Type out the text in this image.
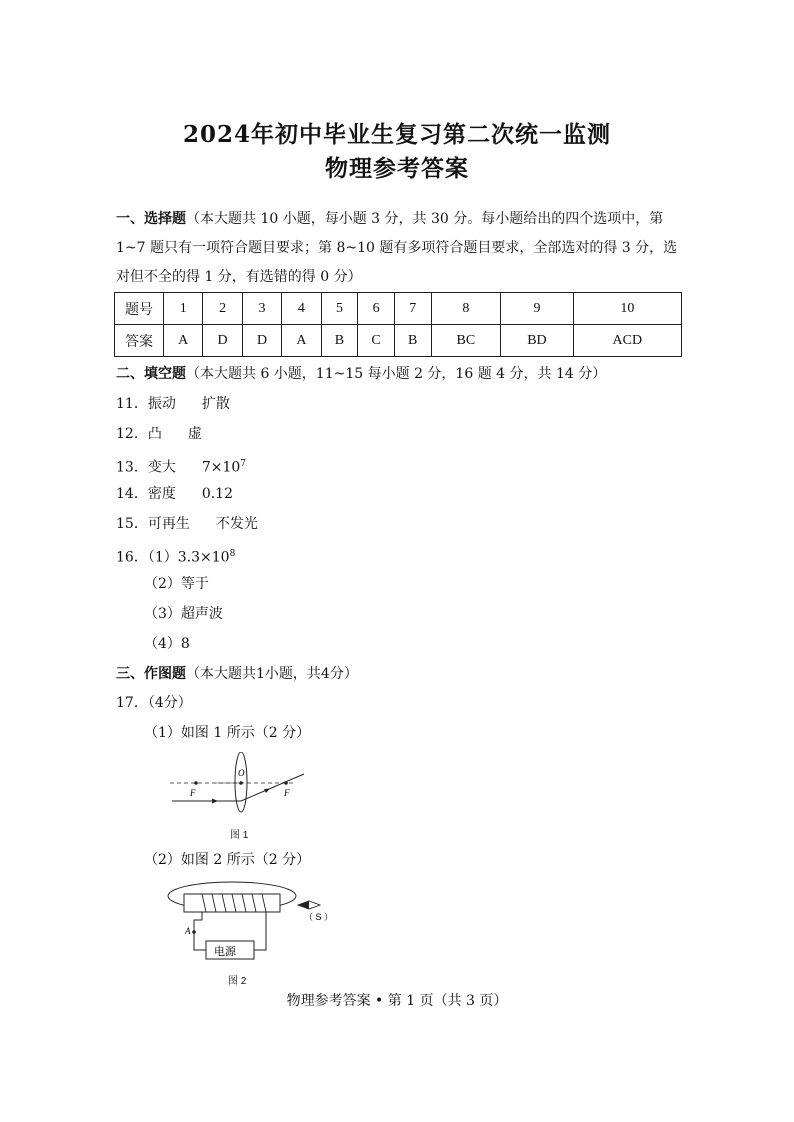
2024年初中毕业生复习第二次统一监测
物理参考答案
一、选择题（本大题共 10 小题，每小题 3 分，共 30 分。每小题给出的四个选项中，第 1~7 题只有一项符合题目要求；第 8~10 题有多项符合题目要求，全部选对的得 3 分，选对但不全的得 1 分，有选错的得 0 分）
题号	1	2	3	4	5	6	7	8	9	10
答案	A	D	D	A	B	C	B	BC	BD	ACD
二、填空题（本大题共 6 小题，11~15 每小题 2 分，16 题 4 分，共 14 分）
11．振动 扩散
12．凸 虚
13．变大 $7\times 10^7$
14．密度 0.12
15．可再生 不发光
16．$(1)3.3\times 10^8$
（2）等于
（3）超声波
（4）8
三、作图题（本大题共1小题，共4分）
17．（4分）
（1）如图 1 所示（2 分）
F
O
F
图 1
（2）如图 2 所示（2 分）
电源
A
（ S ）
图 2
物理参考答案 • 第 1 页（共 3 页）
